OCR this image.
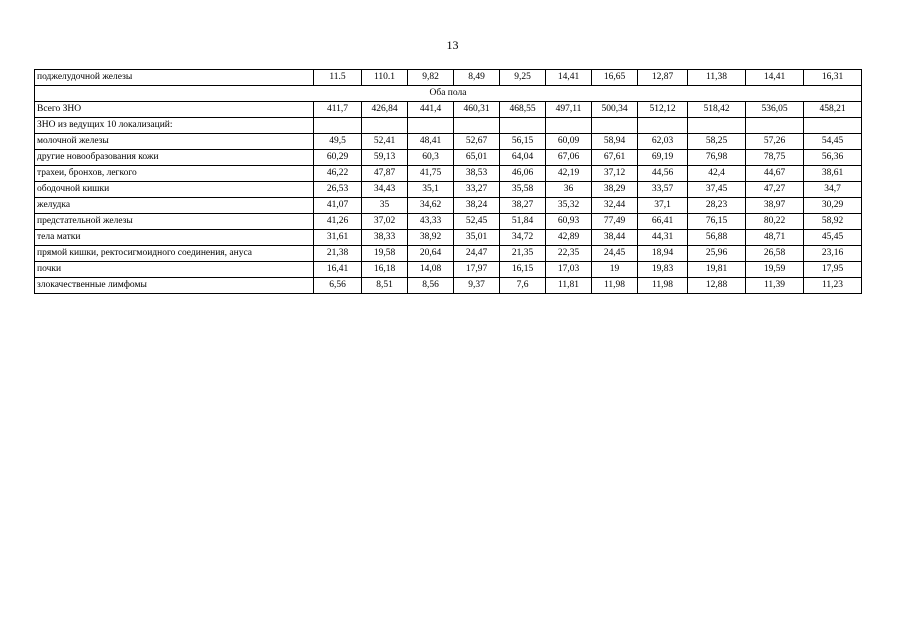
13
поджелудочной железы	11.5	110.1	9,82	8,49	9,25	14,41	16,65	12,87	11,38	14,41	16,31
Оба пола											
Всего ЗНО	411,7	426,84	441,4	460,31	468,55	497,11	500,34	512,12	518,42	536,05	458,21
ЗНО из ведущих 10 локализаций:											
молочной железы	49,5	52,41	48,41	52,67	56,15	60,09	58,94	62,03	58,25	57,26	54,45
другие новообразования кожи	60,29	59,13	60,3	65,01	64,04	67,06	67,61	69,19	76,98	78,75	56,36
трахеи, бронхов, легкого	46,22	47,87	41,75	38,53	46,06	42,19	37,12	44,56	42,4	44,67	38,61
ободочной кишки	26,53	34,43	35,1	33,27	35,58	36	38,29	33,57	37,45	47,27	34,7
желудка	41,07	35	34,62	38,24	38,27	35,32	32,44	37,1	28,23	38,97	30,29
предстательной железы	41,26	37,02	43,33	52,45	51,84	60,93	77,49	66,41	76,15	80,22	58,92
тела матки	31,61	38,33	38,92	35,01	34,72	42,89	38,44	44,31	56,88	48,71	45,45
прямой кишки, ректосигмоидного соединения, ануса	21,38	19,58	20,64	24,47	21,35	22,35	24,45	18,94	25,96	26,58	23,16
почки	16,41	16,18	14,08	17,97	16,15	17,03	19	19,83	19,81	19,59	17,95
злокачественные лимфомы	6,56	8,51	8,56	9,37	7,6	11,81	11,98	11,98	12,88	11,39	11,23
